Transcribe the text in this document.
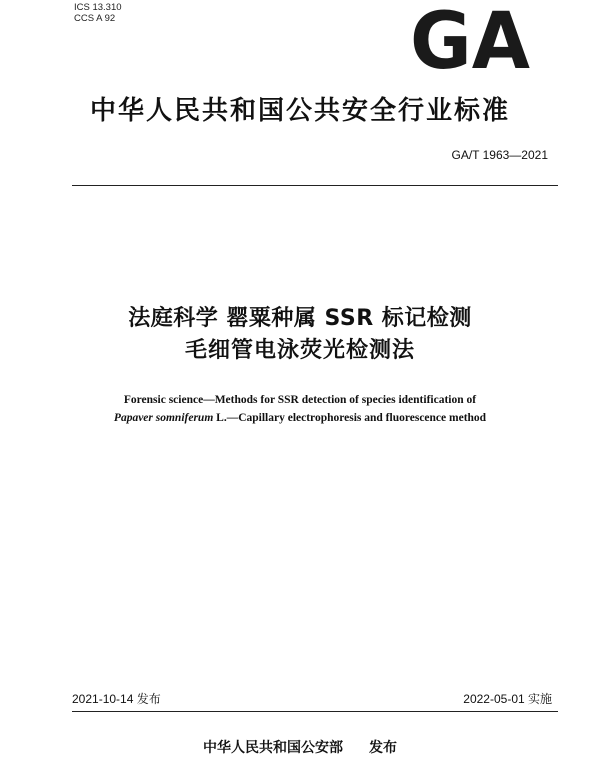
ICS 13.310
CCS A 92	GA
中华人民共和国公共安全行业标准
GA/T 1963—2021
法庭科学 罂粟种属 SSR 标记检测
毛细管电泳荧光检测法
Forensic science—Methods for SSR detection of species identification of
Papaver somniferum L.—Capillary electrophoresis and fluorescence method
2021-10-14 发布	2022-05-01 实施
中华人民共和国公安部 发布
